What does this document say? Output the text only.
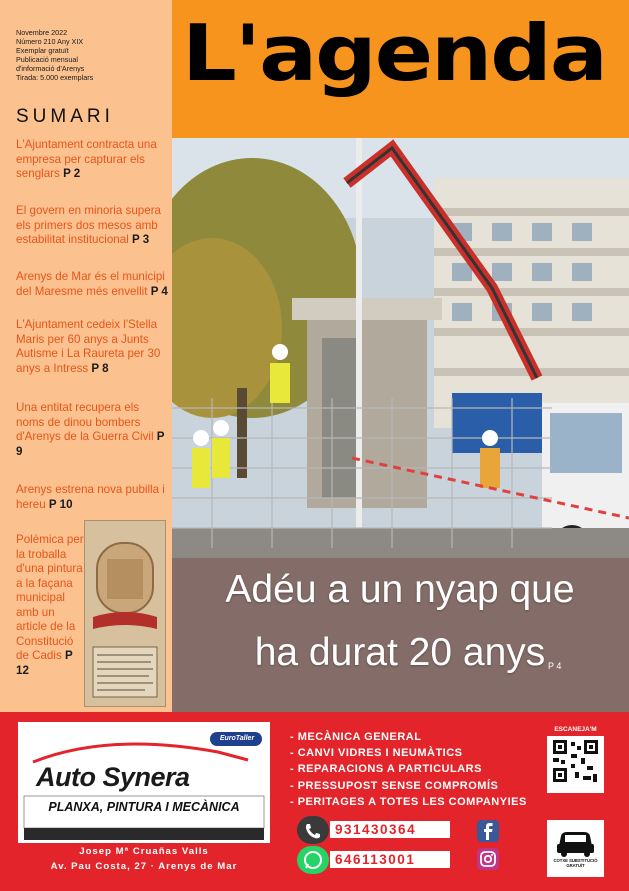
Novembre 2022
Número 210 Any XIX
Exemplar gratuït
Publicació mensual
d'informació d'Arenys
Tirada: 5.000 exemplars
SUMARI
L'Ajuntament contracta una empresa per capturar els senglars P 2
El govern en minoria supera els primers dos mesos amb estabilitat institucional P 3
Arenys de Mar és el municipi del Maresme més envellit P 4
L'Ajuntament cedeix l'Stella Maris per 60 anys a Junts Autisme i La Raureta per 30 anys a Intress P 8
Una entitat recupera els noms de dinou bombers d'Arenys de la Guerra Civil P 9
Arenys estrena nova pubilla i hereu P 10
Polèmica per la troballa d'una pintura a la façana municipal amb un article de la Constitució de Cadis P 12
L'agenda
Adéu a un nyap que
ha durat 20 anys P 4
EuroTaller
Auto Synera
PLANXA, PINTURA I MECÀNICA
Josep Mª Cruañas Valls
Av. Pau Costa, 27 · Arenys de Mar
- MECÀNICA GENERAL
- CANVI VIDRES I NEUMÀTICS
- REPARACIONS A PARTICULARS
- PRESSUPOST SENSE COMPROMÍS
- PERITAGES A TOTES LES COMPANYIES
931430364
646113001
ESCANEJA'M
COTXE SUBSTITUCIÓ GRATUÏT
